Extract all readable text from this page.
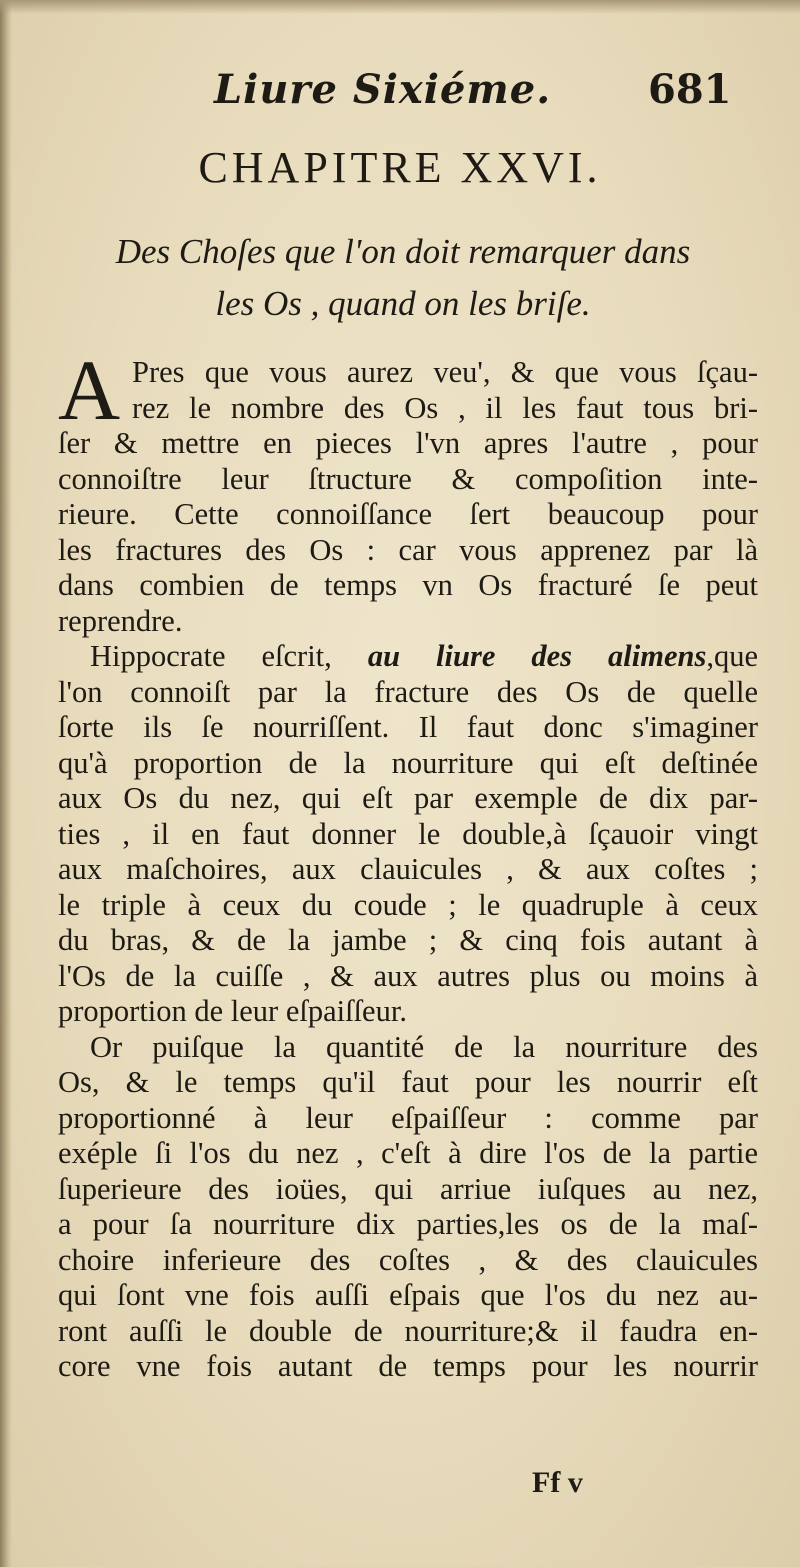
Liure Sixiéme. 681
CHAPITRE XXVI.
Des Choſes que l'on doit remarquer dans
les Os , quand on les briſe.
A Pres que vous aurez veu', & que vous ſçau-
rez le nombre des Os , il les faut tous bri-
ſer & mettre en pieces l'vn apres l'autre , pour
connoiſtre leur ſtructure & compoſition inte-
rieure. Cette connoiſſance ſert beaucoup pour
les fractures des Os : car vous apprenez par là
dans combien de temps vn Os fracturé ſe peut
reprendre.
Hippocrate eſcrit, au liure des alimens,que
l'on connoiſt par la fracture des Os de quelle
ſorte ils ſe nourriſſent. Il faut donc s'imaginer
qu'à proportion de la nourriture qui eſt deſtinée
aux Os du nez, qui eſt par exemple de dix par-
ties , il en faut donner le double,à ſçauoir vingt
aux maſchoires, aux clauicules , & aux coſtes ;
le triple à ceux du coude ; le quadruple à ceux
du bras, & de la jambe ; & cinq fois autant à
l'Os de la cuiſſe , & aux autres plus ou moins à
proportion de leur eſpaiſſeur.
Or puiſque la quantité de la nourriture des
Os, & le temps qu'il faut pour les nourrir eſt
proportionné à leur eſpaiſſeur : comme par
exéple ſi l'os du nez , c'eſt à dire l'os de la partie
ſuperieure des ioües, qui arriue iuſques au nez,
a pour ſa nourriture dix parties,les os de la maſ-
choire inferieure des coſtes , & des clauicules
qui ſont vne fois auſſi eſpais que l'os du nez au-
ront auſſi le double de nourriture;& il faudra en-
core vne fois autant de temps pour les nourrir
Ff v
